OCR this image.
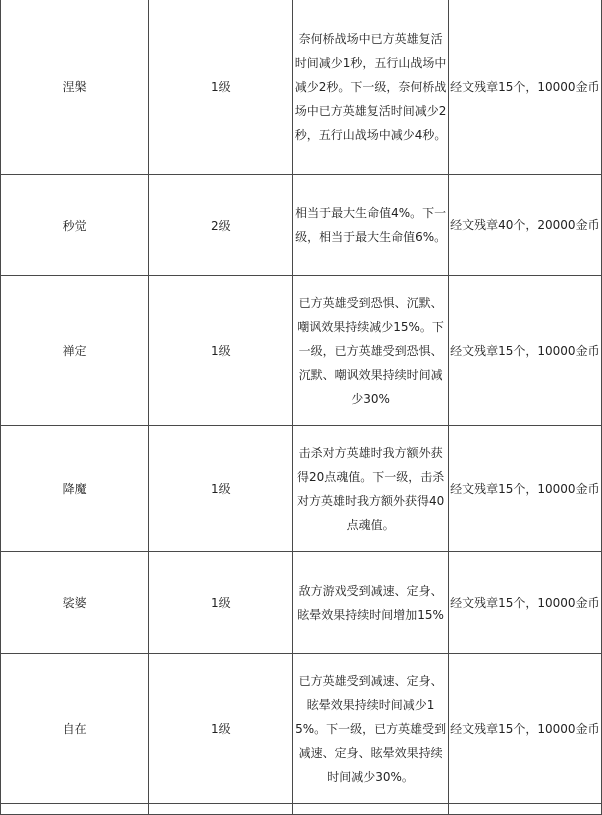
涅槃	1级	奈何桥战场中已方英雄复活时间减少1秒，五行山战场中减少2秒。下一级，奈何桥战场中已方英雄复活时间减少2秒，五行山战场中减少4秒。	经文残章15个，10000金币

秒觉	2级	相当于最大生命值4%。下一级，相当于最大生命值6%。	经文残章40个，20000金币

禅定	1级	已方英雄受到恐惧、沉默、嘲讽效果持续减少15%。下一级，已方英雄受到恐惧、沉默、嘲讽效果持续时间减少30%	经文残章15个，10000金币

降魔	1级	击杀对方英雄时我方额外获得20点魂值。下一级，击杀对方英雄时我方额外获得40点魂值。	经文残章15个，10000金币

裟婆	1级	敌方游戏受到减速、定身、眩晕效果持续时间增加15%	经文残章15个，10000金币

自在	1级	已方英雄受到减速、定身、眩晕效果持续时间减少15%。下一级，已方英雄受到减速、定身、眩晕效果持续时间减少30%。	经文残章15个，10000金币
